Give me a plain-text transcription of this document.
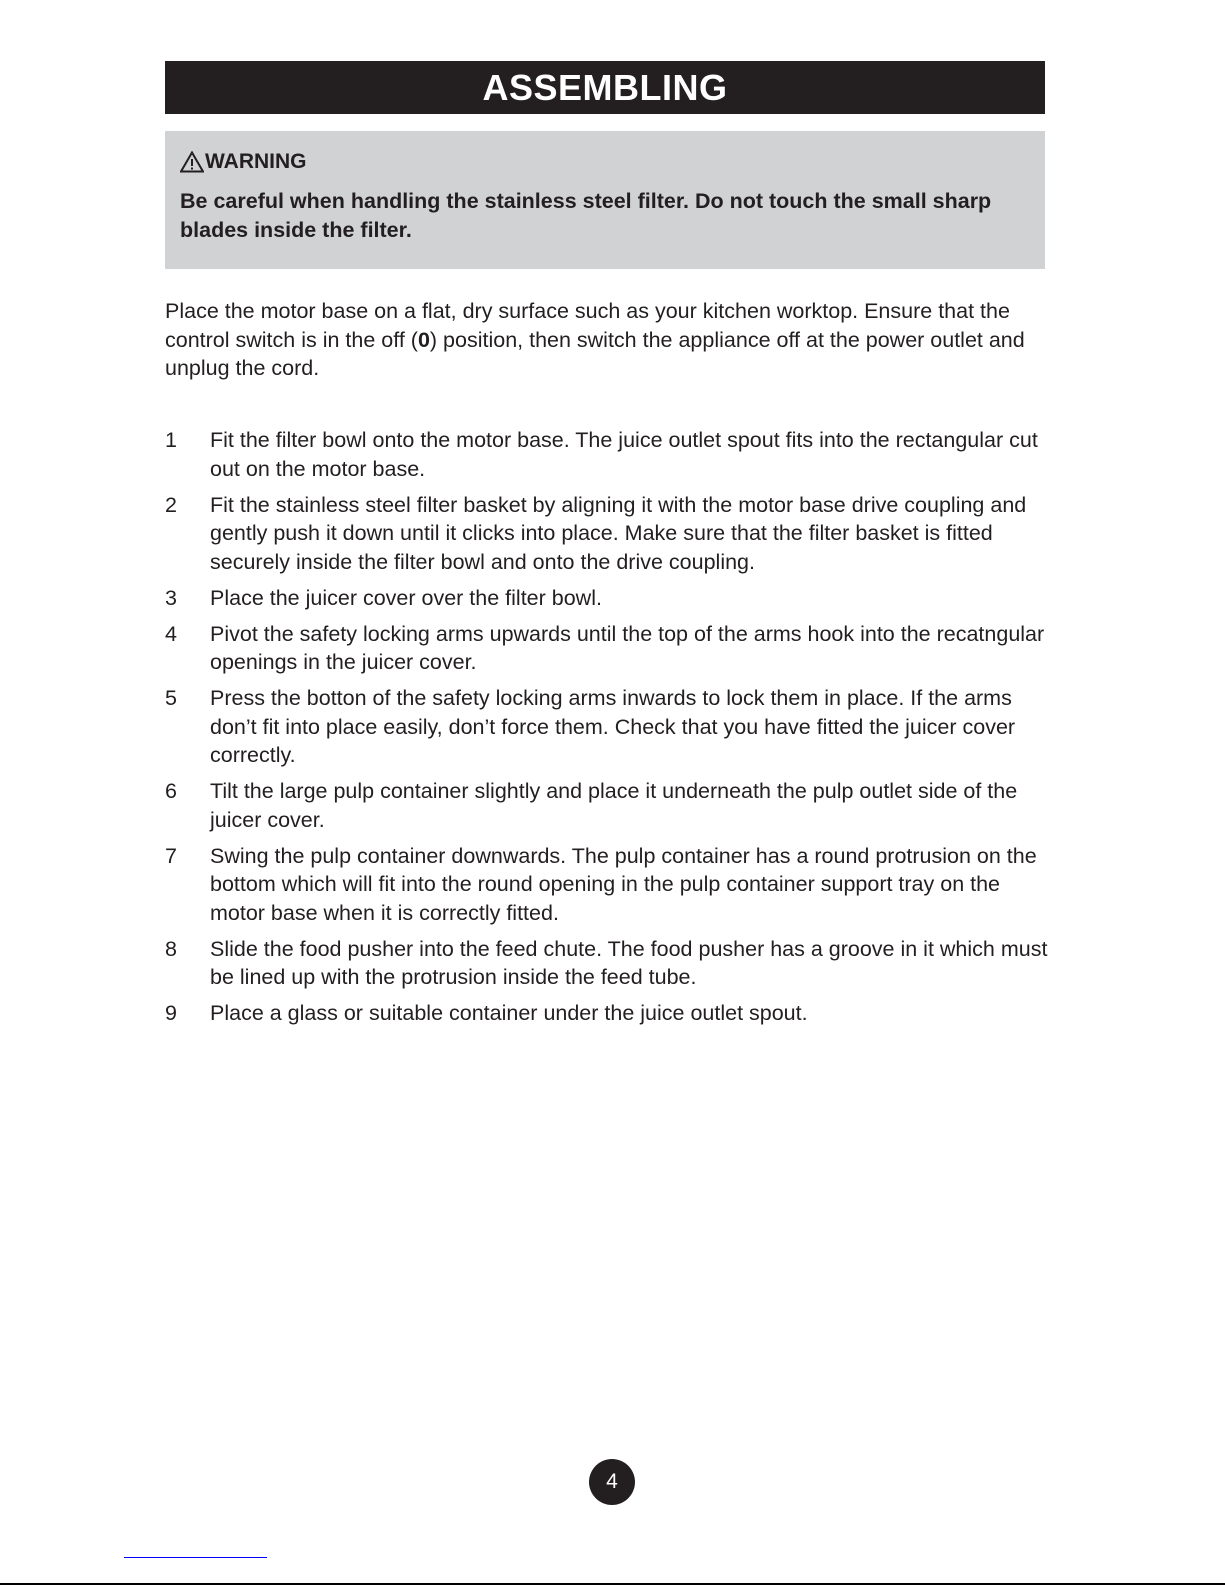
ASSEMBLING
WARNING
Be careful when handling the stainless steel filter. Do not touch the small sharp blades inside the filter.

Place the motor base on a flat, dry surface such as your kitchen worktop. Ensure that the control switch is in the off (0) position, then switch the appliance off at the power outlet and unplug the cord.

1	Fit the filter bowl onto the motor base. The juice outlet spout fits into the rectangular cut out on the motor base.
2	Fit the stainless steel filter basket by aligning it with the motor base drive coupling and gently push it down until it clicks into place. Make sure that the filter basket is fitted securely inside the filter bowl and onto the drive coupling.
3	Place the juicer cover over the filter bowl.
4	Pivot the safety locking arms upwards until the top of the arms hook into the recatngular openings in the juicer cover.
5	Press the botton of the safety locking arms inwards to lock them in place. If the arms don’t fit into place easily, don’t force them. Check that you have fitted the juicer cover correctly.
6	Tilt the large pulp container slightly and place it underneath the pulp outlet side of the juicer cover.
7	Swing the pulp container downwards. The pulp container has a round protrusion on the bottom which will fit into the round opening in the pulp container support tray on the motor base when it is correctly fitted.
8	Slide the food pusher into the feed chute. The food pusher has a groove in it which must be lined up with the protrusion inside the feed tube.
9	Place a glass or suitable container under the juice outlet spout.
4
